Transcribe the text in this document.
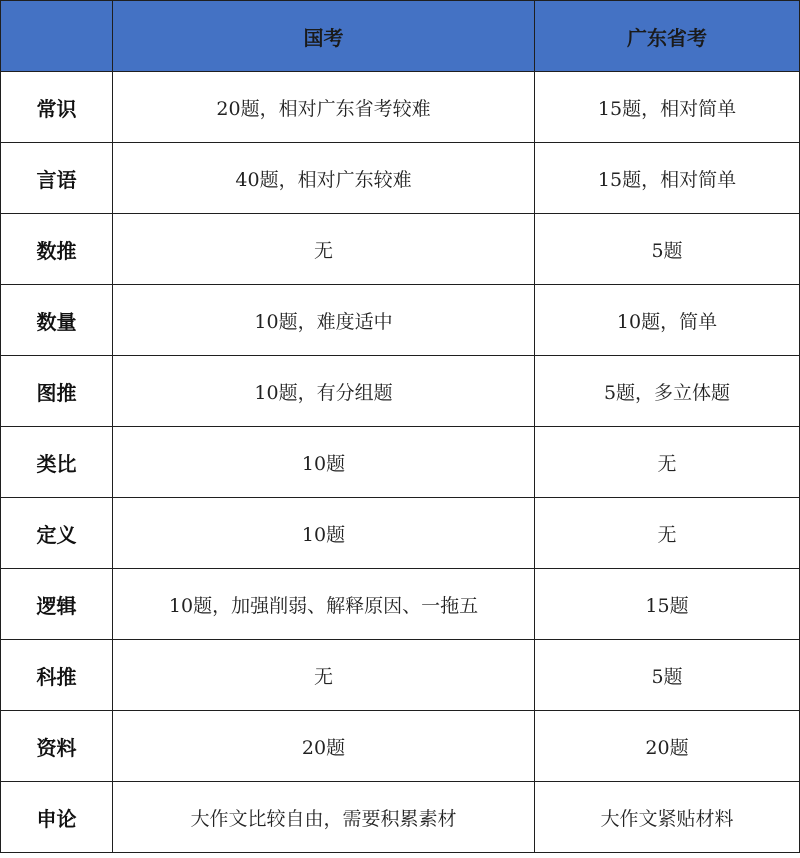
	国考	广东省考
常识	20题，相对广东省考较难	15题，相对简单
言语	40题，相对广东较难	15题，相对简单
数推	无	5题
数量	10题，难度适中	10题，简单
图推	10题，有分组题	5题，多立体题
类比	10题	无
定义	10题	无
逻辑	10题，加强削弱、解释原因、一拖五	15题
科推	无	5题
资料	20题	20题
申论	大作文比较自由，需要积累素材	大作文紧贴材料
